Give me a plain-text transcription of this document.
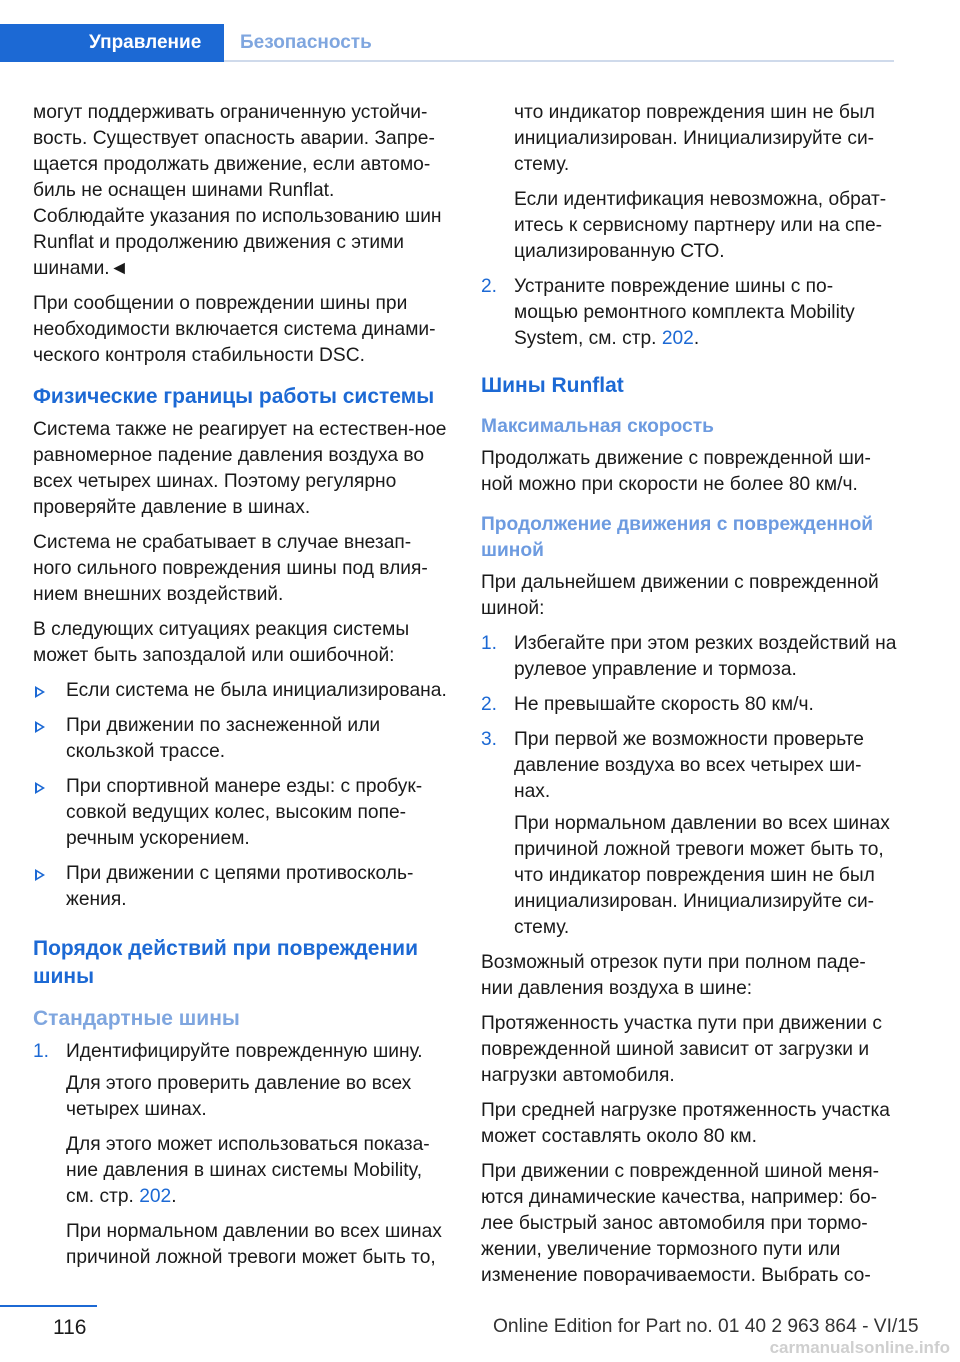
Управление	Безопасность

могут поддерживать ограниченную устойчи-вость. Существует опасность аварии. Запре-щается продолжать движение, если автомо-биль не оснащен шинами Runflat. Соблюдайте указания по использованию шин Runflat и продолжению движения с этими шинами.◄

При сообщении о повреждении шины при необходимости включается система динами-ческого контроля стабильности DSC.

Физические границы работы системы

Система также не реагирует на естествен-ное равномерное падение давления воздуха во всех четырех шинах. Поэтому регулярно проверяйте давление в шинах.

Система не срабатывает в случае внезап-ного сильного повреждения шины под влия-нием внешних воздействий.

В следующих ситуациях реакция системы может быть запоздалой или ошибочной:

Если система не была инициализирована.
При движении по заснеженной или скользкой трассе.
При спортивной манере езды: с пробук-совкой ведущих колес, высоким попе-речным ускорением.
При движении с цепями противосколь-жения.
Порядок действий при повреждении шины
Стандартные шины
1. Идентифицируйте поврежденную шину.

Для этого проверить давление во всех четырех шинах.

Для этого может использоваться показа-ние давления в шинах системы Mobility, см. стр. 202.

При нормальном давлении во всех шинах причиной ложной тревоги может быть то,

что индикатор повреждения шин не был инициализирован. Инициализируйте си-стему.

Если идентификация невозможна, обрат-итесь к сервисному партнеру или на спе-циализированную СТО.

2. Устраните повреждение шины с по-мощью ремонтного комплекта Mobility System, см. стр. 202.
Шины Runflat
Максимальная скорость

Продолжать движение с поврежденной ши-ной можно при скорости не более 80 км/ч.

Продолжение движения с поврежденной шиной

При дальнейшем движении с поврежденной шиной:

1. Избегайте при этом резких воздействий на рулевое управление и тормоза.
2. Не превышайте скорость 80 км/ч.
3. При первой же возможности проверьте давление воздуха во всех четырех ши-нах.

При нормальном давлении во всех шинах причиной ложной тревоги может быть то, что индикатор повреждения шин не был инициализирован. Инициализируйте си-стему.

Возможный отрезок пути при полном паде-нии давления воздуха в шине:

Протяженность участка пути при движении с поврежденной шиной зависит от загрузки и нагрузки автомобиля.

При средней нагрузке протяженность участка может составлять около 80 км.

При движении с поврежденной шиной меня-ются динамические качества, например: бо-лее быстрый занос автомобиля при тормо-жении, увеличение тормозного пути или изменение поворачиваемости. Выбрать со-

116	Online Edition for Part no. 01 40 2 963 864 - VI/15
carmanualsonline.info
